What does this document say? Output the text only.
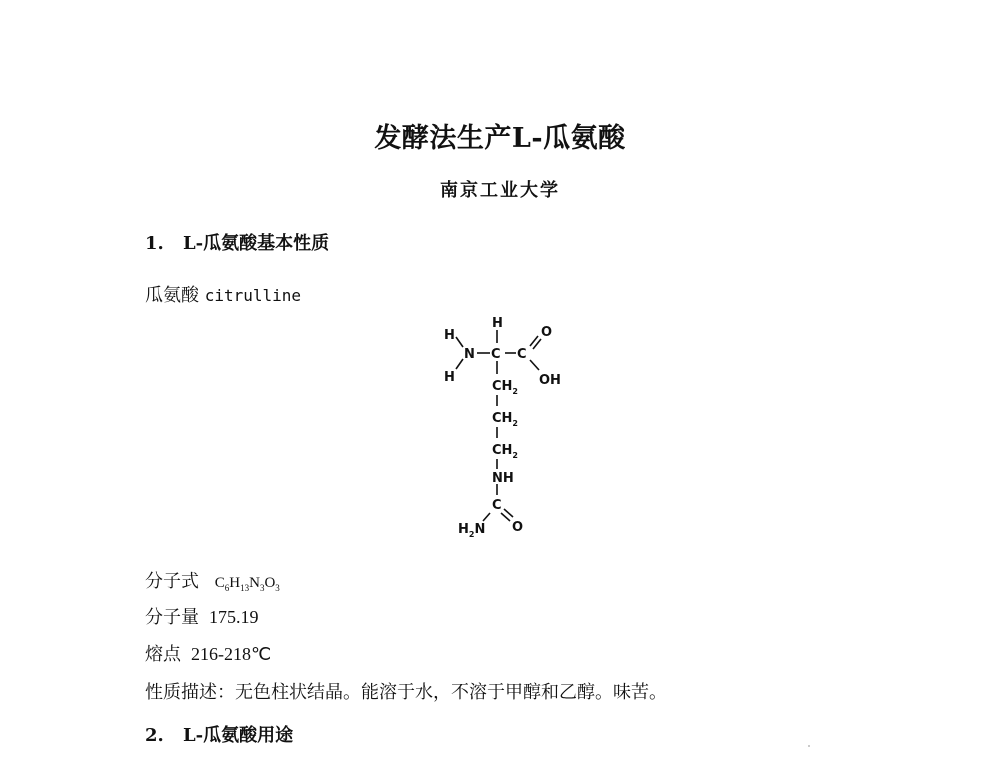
发酵法生产L-瓜氨酸
南京工业大学
1. L-瓜氨酸基本性质
瓜氨酸 citrulline
H
H
N
H
C C
O
OH
$CH_2$
$CH_2$
$CH_2$
NH
C
$H_2N$ O
分子式 $C_6H_{13}N_3O_3$
分子量 175.19
熔点 216-218℃
性质描述：无色柱状结晶。能溶于水，不溶于甲醇和乙醇。味苦。
2. L-瓜氨酸用途
